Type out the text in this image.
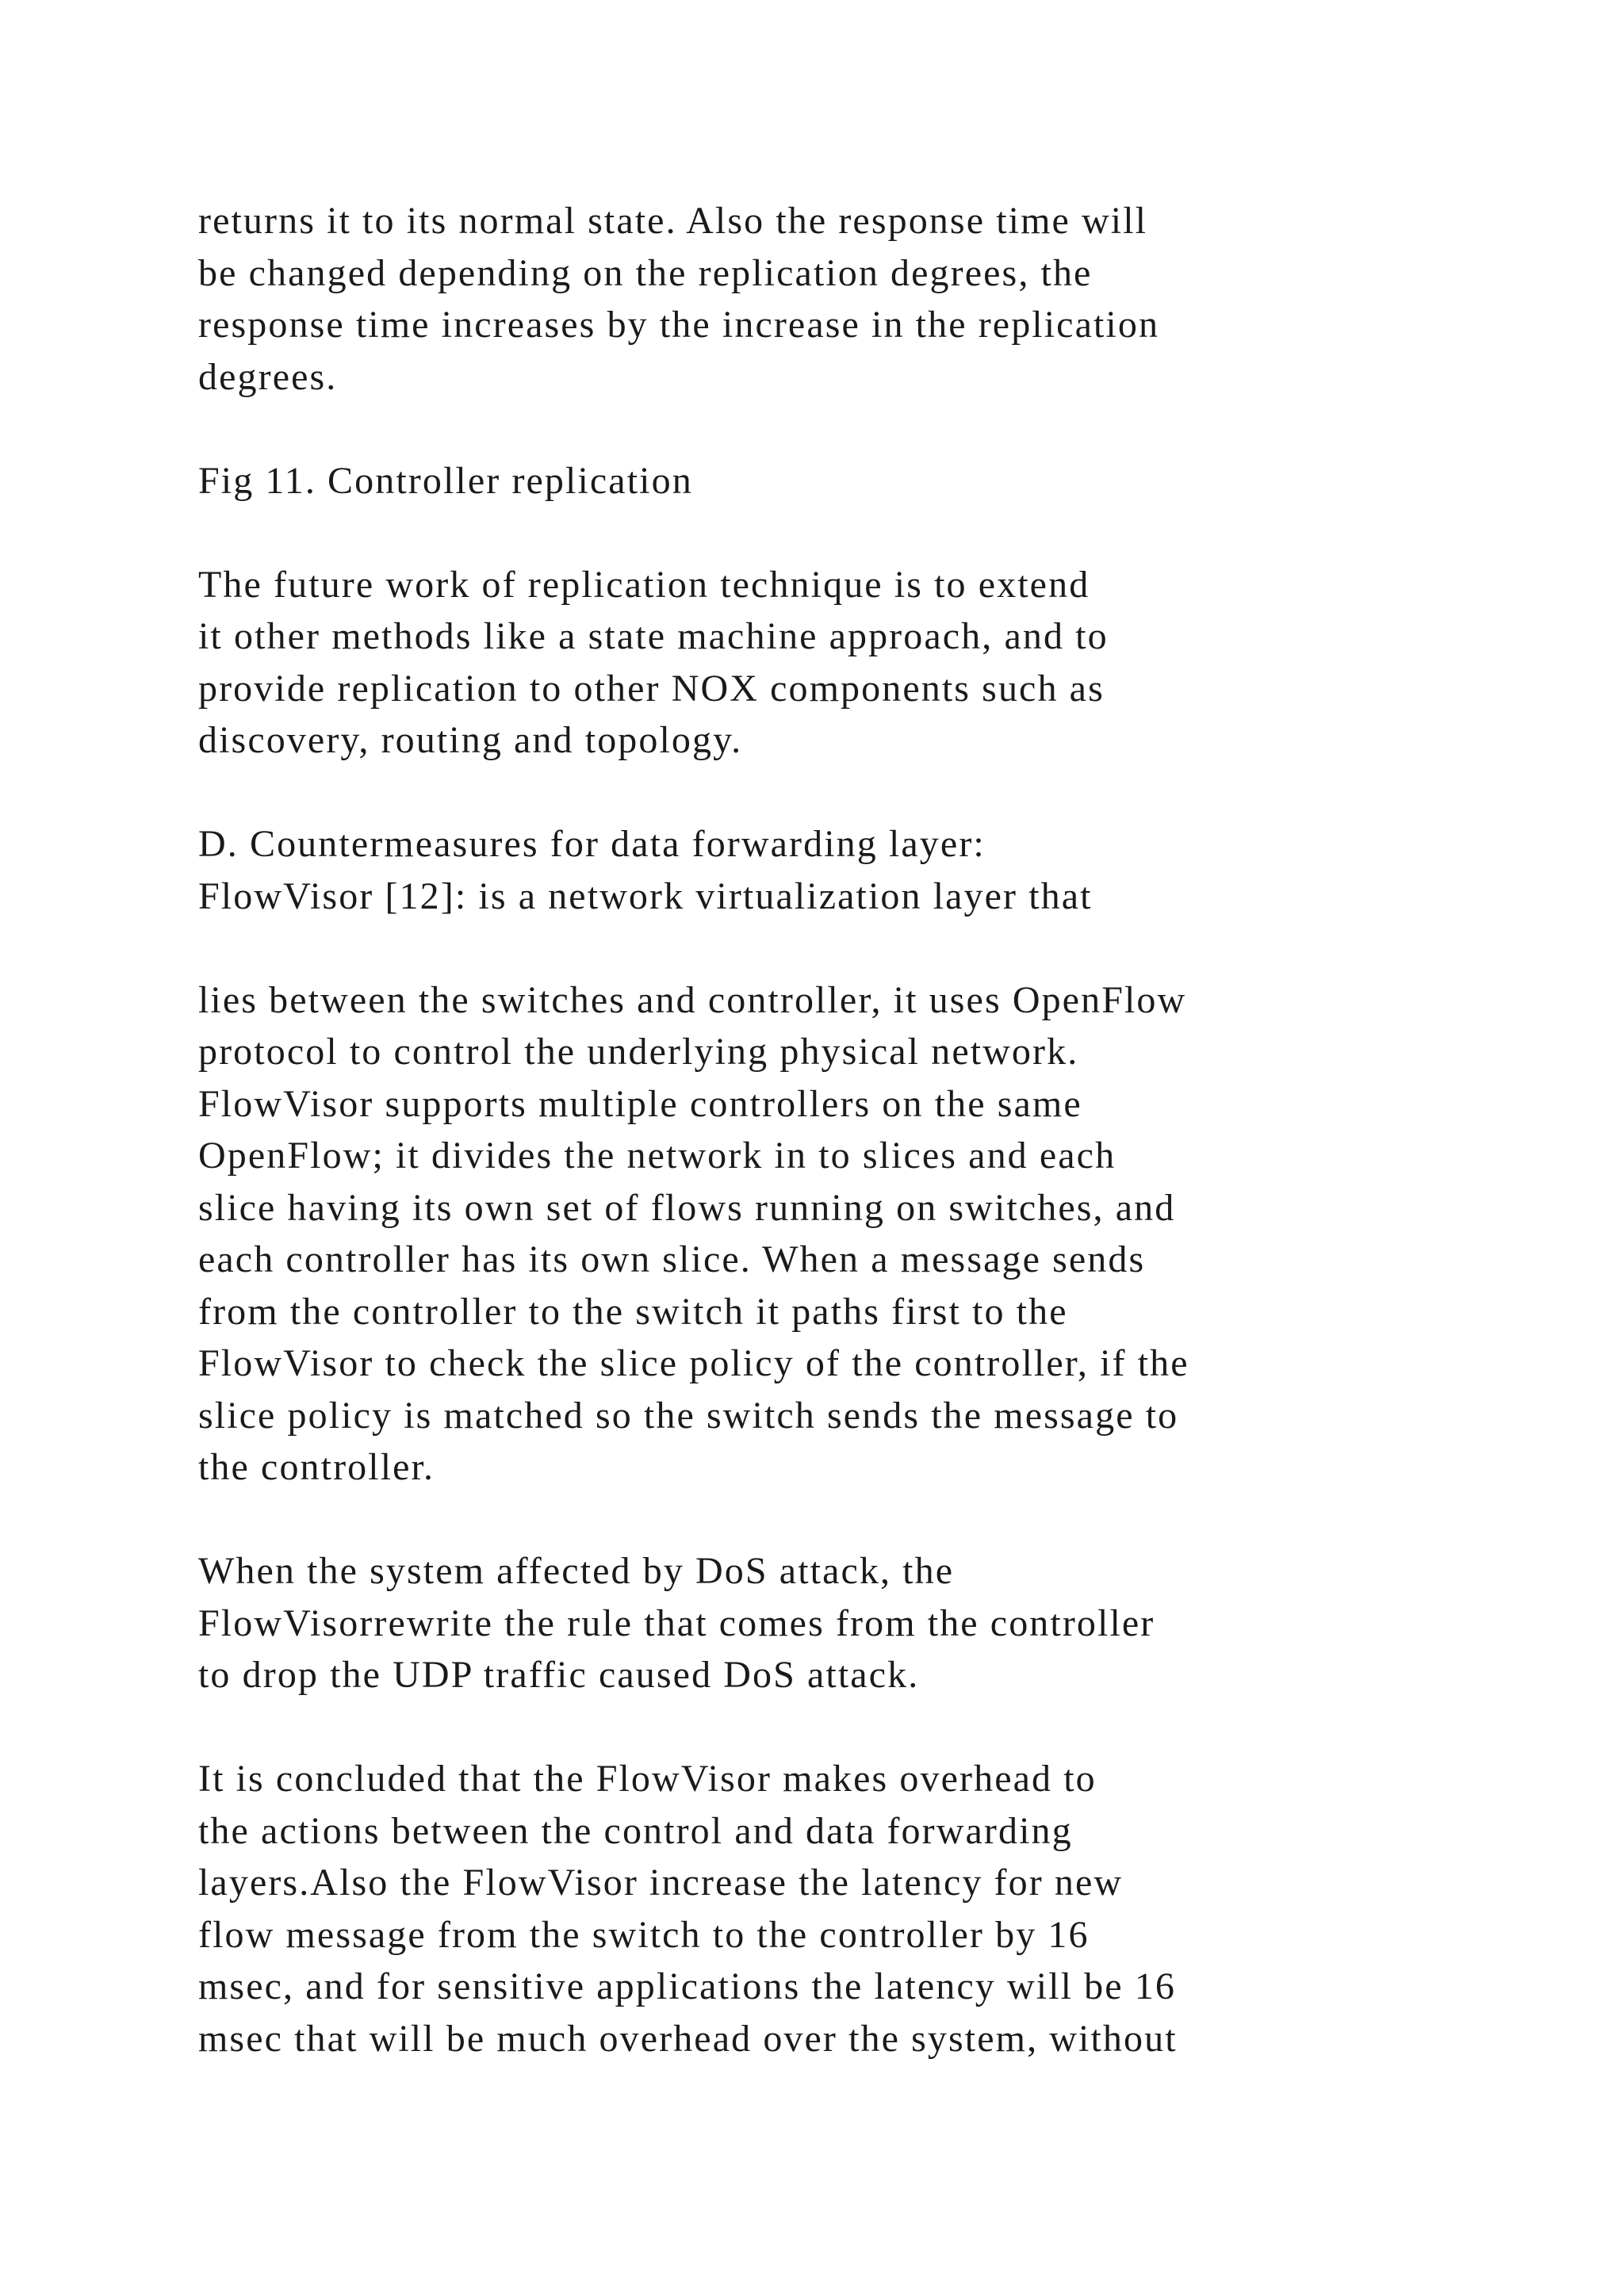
returns it to its normal state. Also the response time will
be changed depending on the replication degrees, the
response time increases by the increase in the replication
degrees.

Fig 11. Controller replication

The future work of replication technique is to extend
it other methods like a state machine approach, and to
provide replication to other NOX components such as
discovery, routing and topology.

D. Countermeasures for data forwarding layer:
FlowVisor [12]: is a network virtualization layer that

lies between the switches and controller, it uses OpenFlow
protocol to control the underlying physical network.
FlowVisor supports multiple controllers on the same
OpenFlow; it divides the network in to slices and each
slice having its own set of flows running on switches, and
each controller has its own slice. When a message sends
from the controller to the switch it paths first to the
FlowVisor to check the slice policy of the controller, if the
slice policy is matched so the switch sends the message to
the controller.

When the system affected by DoS attack, the
FlowVisorrewrite the rule that comes from the controller
to drop the UDP traffic caused DoS attack.

It is concluded that the FlowVisor makes overhead to
the actions between the control and data forwarding
layers.Also the FlowVisor increase the latency for new
flow message from the switch to the controller by 16
msec, and for sensitive applications the latency will be 16
msec that will be much overhead over the system, without
